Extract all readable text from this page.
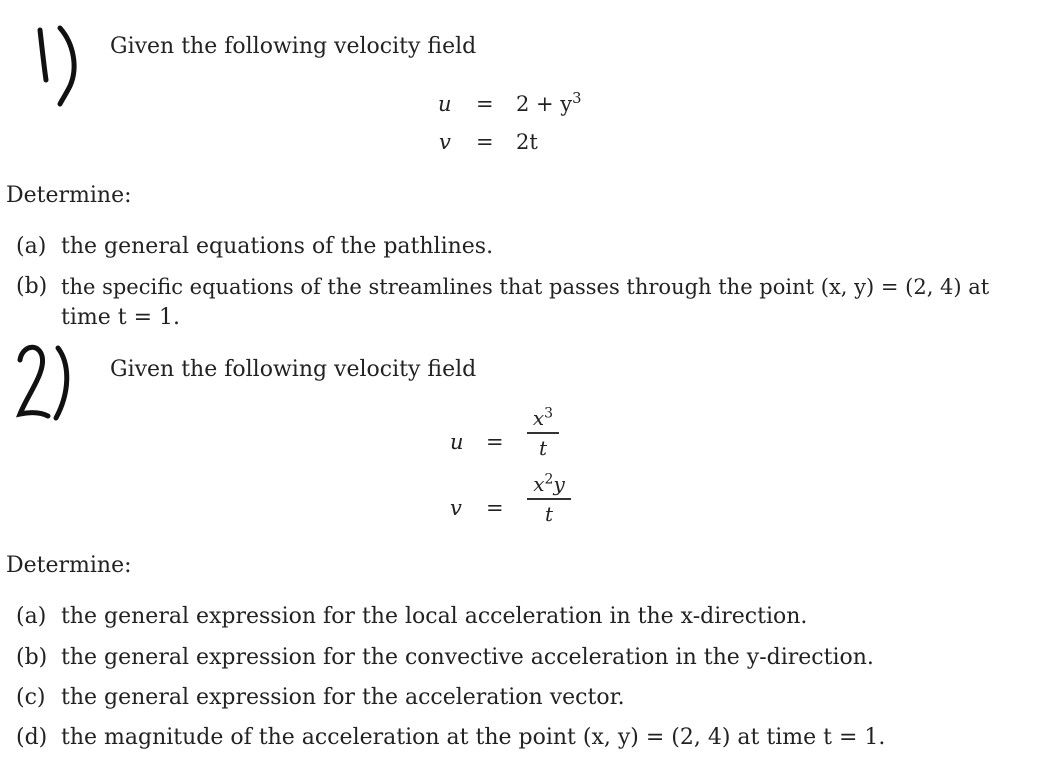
Given the following velocity field
$u = 2 + y^3$
v = 2t
Determine:
(a) the general equations of the pathlines.
(b) the specific equations of the streamlines that passes through the point (x, y) = (2, 4) at
time t = 1.
Given the following velocity field
u =
$x^3$
t
v =
$x^2y$
t
Determine:
(a) the general expression for the local acceleration in the x-direction.
(b) the general expression for the convective acceleration in the y-direction.
(c) the general expression for the acceleration vector.
(d) the magnitude of the acceleration at the point (x, y) = (2, 4) at time t = 1.
